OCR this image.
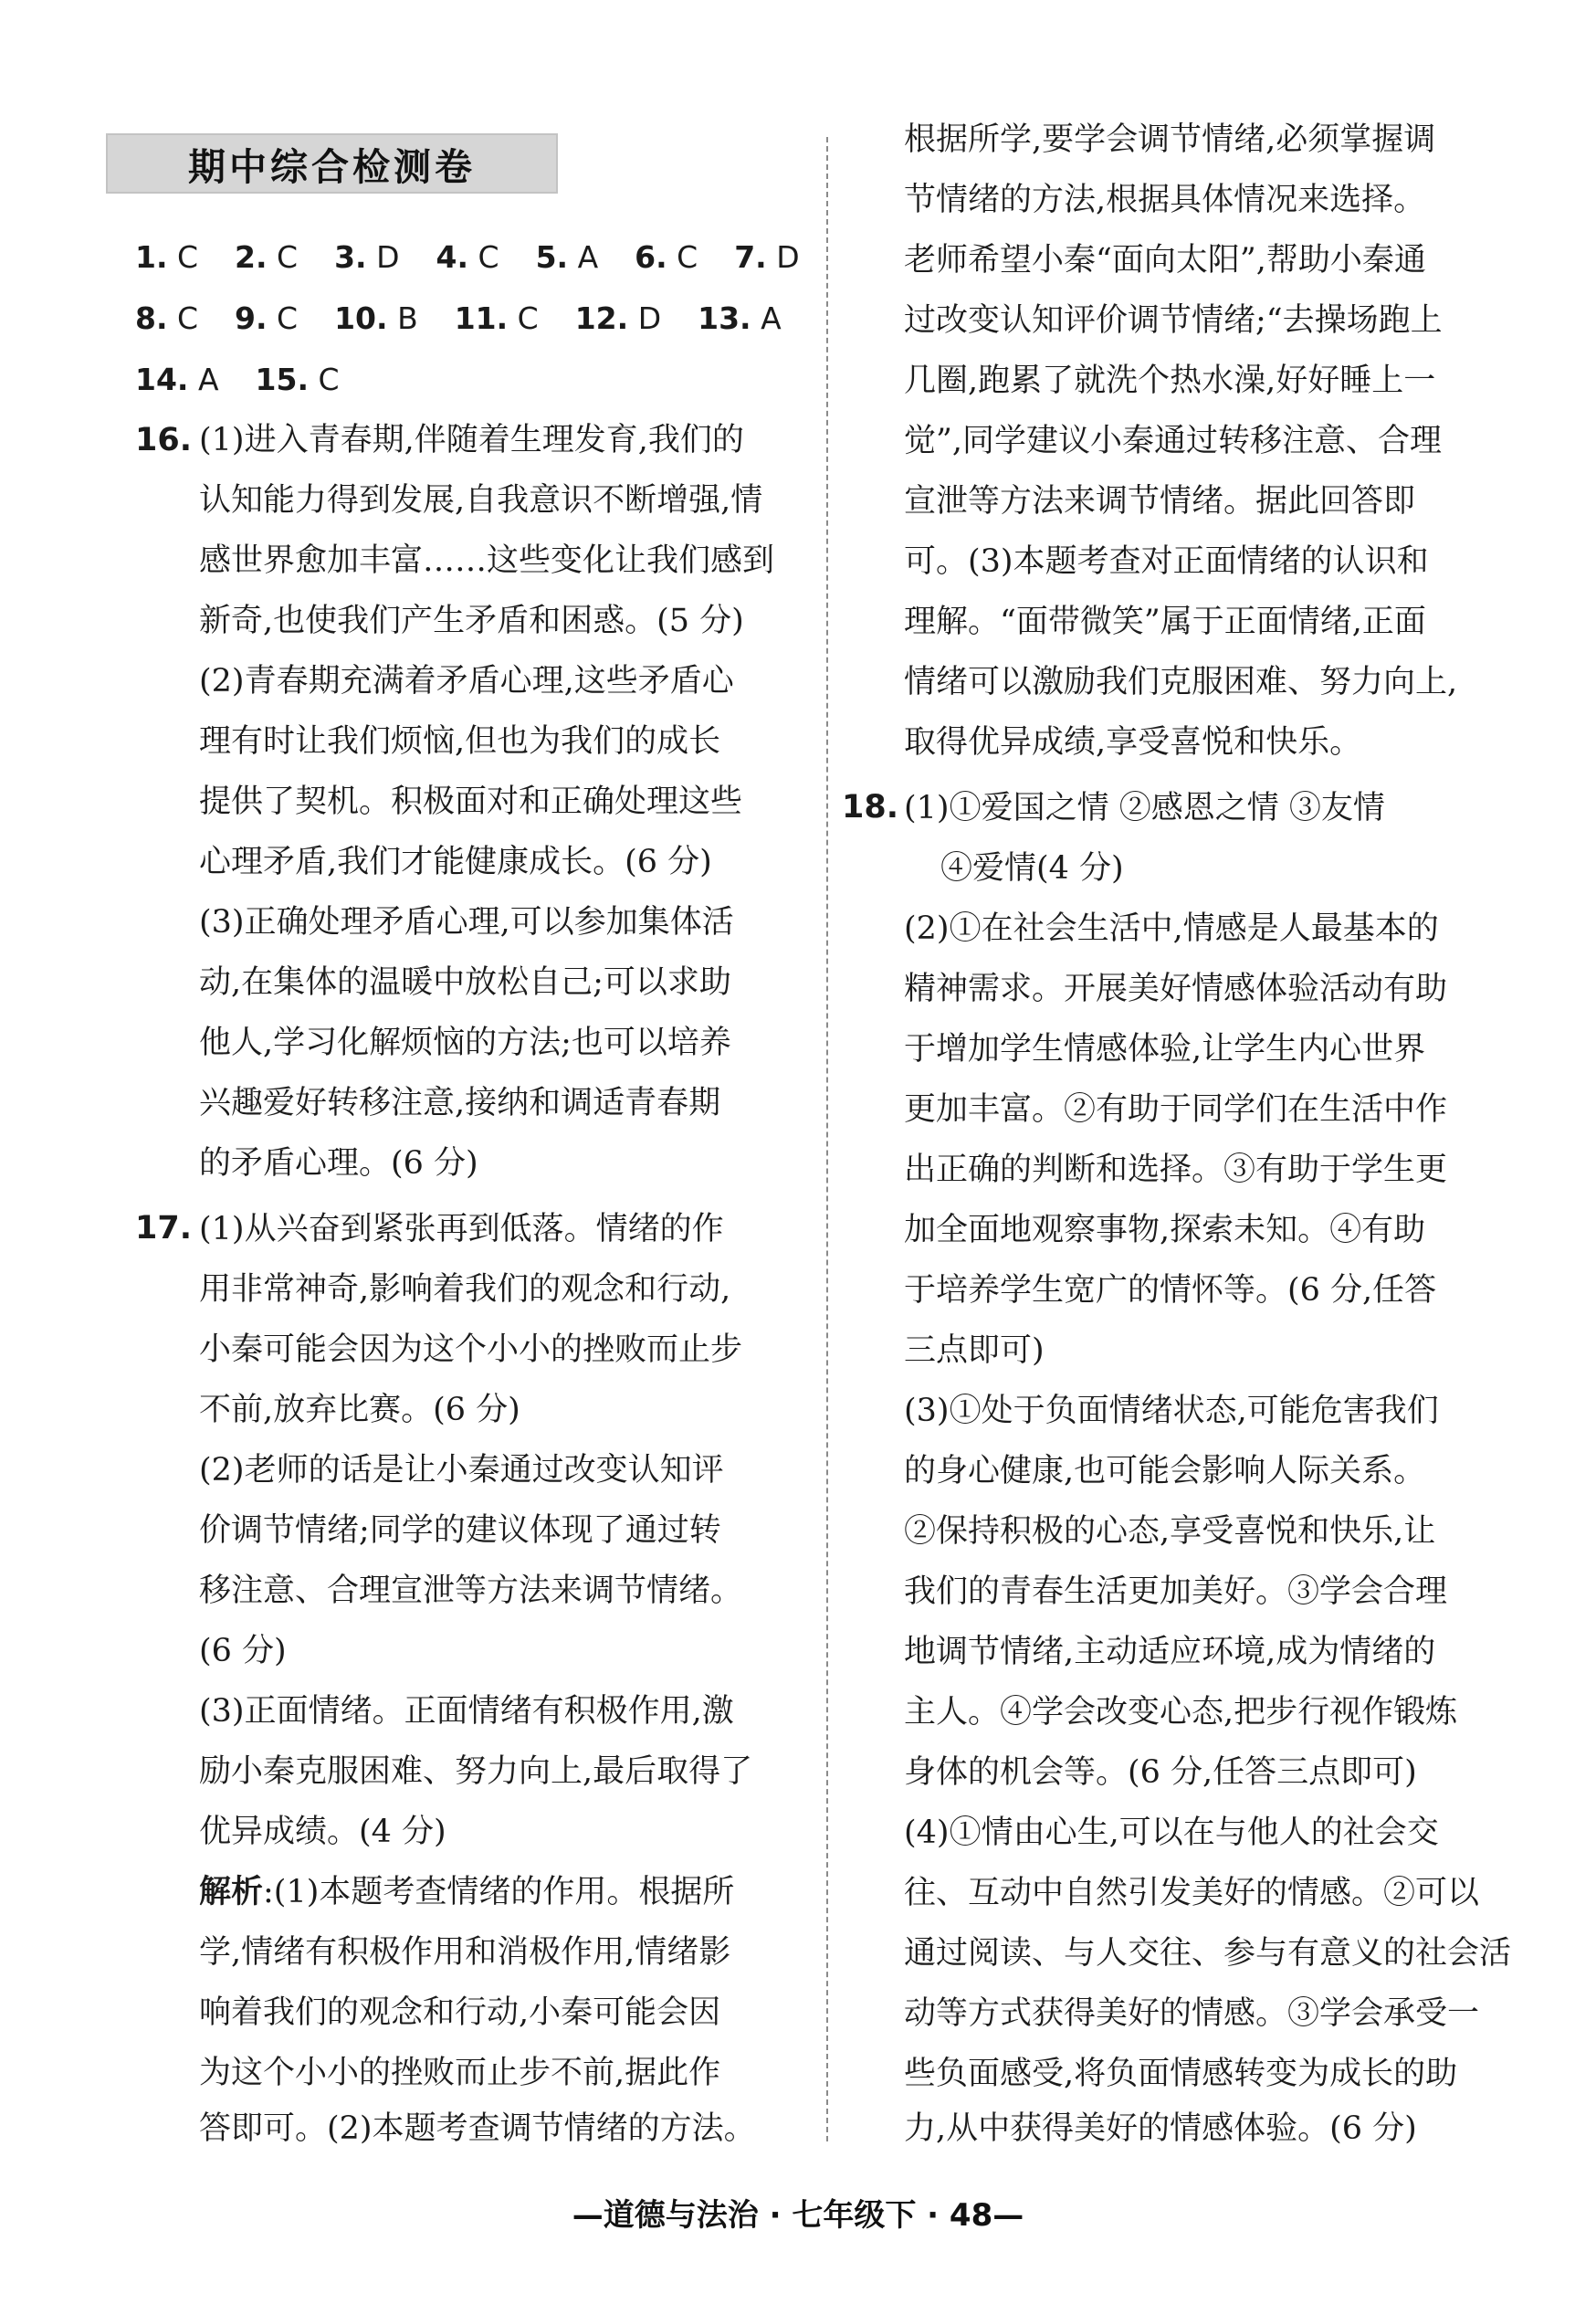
期中综合检测卷
1. C 2. C 3. D 4. C 5. A 6. C 7. D
8. C 9. C 10. B 11. C 12. D 13. A
14. A 15. C
16.
17.
(1)进入青春期,伴随着生理发育,我们的
认知能力得到发展,自我意识不断增强,情
感世界愈加丰富……这些变化让我们感到
新奇,也使我们产生矛盾和困惑。(5 分)
(2)青春期充满着矛盾心理,这些矛盾心
理有时让我们烦恼,但也为我们的成长
提供了契机。积极面对和正确处理这些
心理矛盾,我们才能健康成长。(6 分)
(3)正确处理矛盾心理,可以参加集体活
动,在集体的温暖中放松自己;可以求助
他人,学习化解烦恼的方法;也可以培养
兴趣爱好转移注意,接纳和调适青春期
的矛盾心理。(6 分)
(1)从兴奋到紧张再到低落。情绪的作
用非常神奇,影响着我们的观念和行动,
小秦可能会因为这个小小的挫败而止步
不前,放弃比赛。(6 分)
(2)老师的话是让小秦通过改变认知评
价调节情绪;同学的建议体现了通过转
移注意、合理宣泄等方法来调节情绪。
(6 分)
(3)正面情绪。正面情绪有积极作用,激
励小秦克服困难、努力向上,最后取得了
优异成绩。(4 分)
解析:(1)本题考查情绪的作用。根据所
学,情绪有积极作用和消极作用,情绪影
响着我们的观念和行动,小秦可能会因
为这个小小的挫败而止步不前,据此作
答即可。(2)本题考查调节情绪的方法。
根据所学,要学会调节情绪,必须掌握调
节情绪的方法,根据具体情况来选择。
老师希望小秦“面向太阳”,帮助小秦通
过改变认知评价调节情绪;“去操场跑上
几圈,跑累了就洗个热水澡,好好睡上一
觉”,同学建议小秦通过转移注意、合理
宣泄等方法来调节情绪。据此回答即
可。(3)本题考查对正面情绪的认识和
理解。“面带微笑”属于正面情绪,正面
情绪可以激励我们克服困难、努力向上,
取得优异成绩,享受喜悦和快乐。
18. (1)①爱国之情 ②感恩之情 ③友情
④爱情(4 分)
(2)①在社会生活中,情感是人最基本的
精神需求。开展美好情感体验活动有助
于增加学生情感体验,让学生内心世界
更加丰富。②有助于同学们在生活中作
出正确的判断和选择。③有助于学生更
加全面地观察事物,探索未知。④有助
于培养学生宽广的情怀等。(6 分,任答
三点即可)
(3)①处于负面情绪状态,可能危害我们
的身心健康,也可能会影响人际关系。
②保持积极的心态,享受喜悦和快乐,让
我们的青春生活更加美好。③学会合理
地调节情绪,主动适应环境,成为情绪的
主人。④学会改变心态,把步行视作锻炼
身体的机会等。(6 分,任答三点即可)
(4)①情由心生,可以在与他人的社会交
往、互动中自然引发美好的情感。②可以
通过阅读、与人交往、参与有意义的社会活
动等方式获得美好的情感。③学会承受一
些负面感受,将负面情感转变为成长的助
力,从中获得美好的情感体验。(6 分)
—道德与法治 · 七年级下 · 48—
